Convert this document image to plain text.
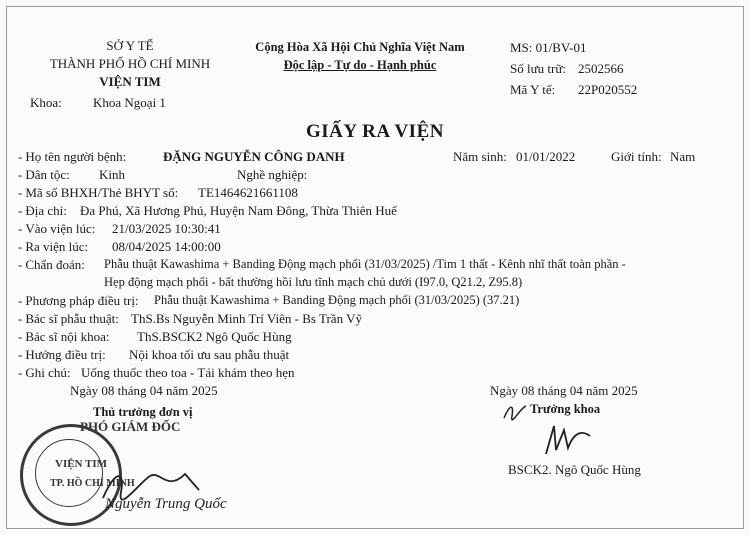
SỞ Y TẾ
THÀNH PHỐ HỒ CHÍ MINH
VIỆN TIM
Khoa: Khoa Ngoại 1
Cộng Hòa Xã Hội Chủ Nghĩa Việt Nam
Độc lập - Tự do - Hạnh phúc
MS: 01/BV-01
Số lưu trữ: 2502566
Mã Y tế: 22P020552
GIẤY RA VIỆN
- Họ tên người bệnh:	ĐẶNG NGUYỄN CÔNG DANH	Năm sinh: 01/01/2022	Giới tính: Nam
- Dân tộc: Kinh	Nghề nghiệp:
- Mã số BHXH/Thẻ BHYT số: TE1464621661108
- Địa chỉ: Đa Phú, Xã Hương Phú, Huyện Nam Đông, Thừa Thiên Huế
- Vào viện lúc: 21/03/2025 10:30:41
- Ra viện lúc: 08/04/2025 14:00:00
- Chẩn đoán: Phẫu thuật Kawashima + Banding Động mạch phổi (31/03/2025) /Tim 1 thất - Kênh nhĩ thất toàn phần -
Hẹp động mạch phổi - bất thường hồi lưu tĩnh mạch chủ dưới (I97.0, Q21.2, Z95.8)
- Phương pháp điều trị: Phẫu thuật Kawashima + Banding Động mạch phổi (31/03/2025) (37.21)
- Bác sĩ phẫu thuật: ThS.Bs Nguyễn Minh Trí Viên - Bs Trần Vỹ
- Bác sĩ nội khoa: ThS.BSCK2 Ngô Quốc Hùng
- Hướng điều trị: Nội khoa tối ưu sau phẫu thuật
- Ghi chú: Uống thuốc theo toa - Tái khám theo hẹn
Ngày 08 tháng 04 năm 2025
Thủ trưởng đơn vị
PHÓ GIÁM ĐỐC
VIỆN TIM
TP. HỒ CHÍ MINH
Nguyễn Trung Quốc
Ngày 08 tháng 04 năm 2025
Trưởng khoa
BSCK2. Ngô Quốc Hùng
